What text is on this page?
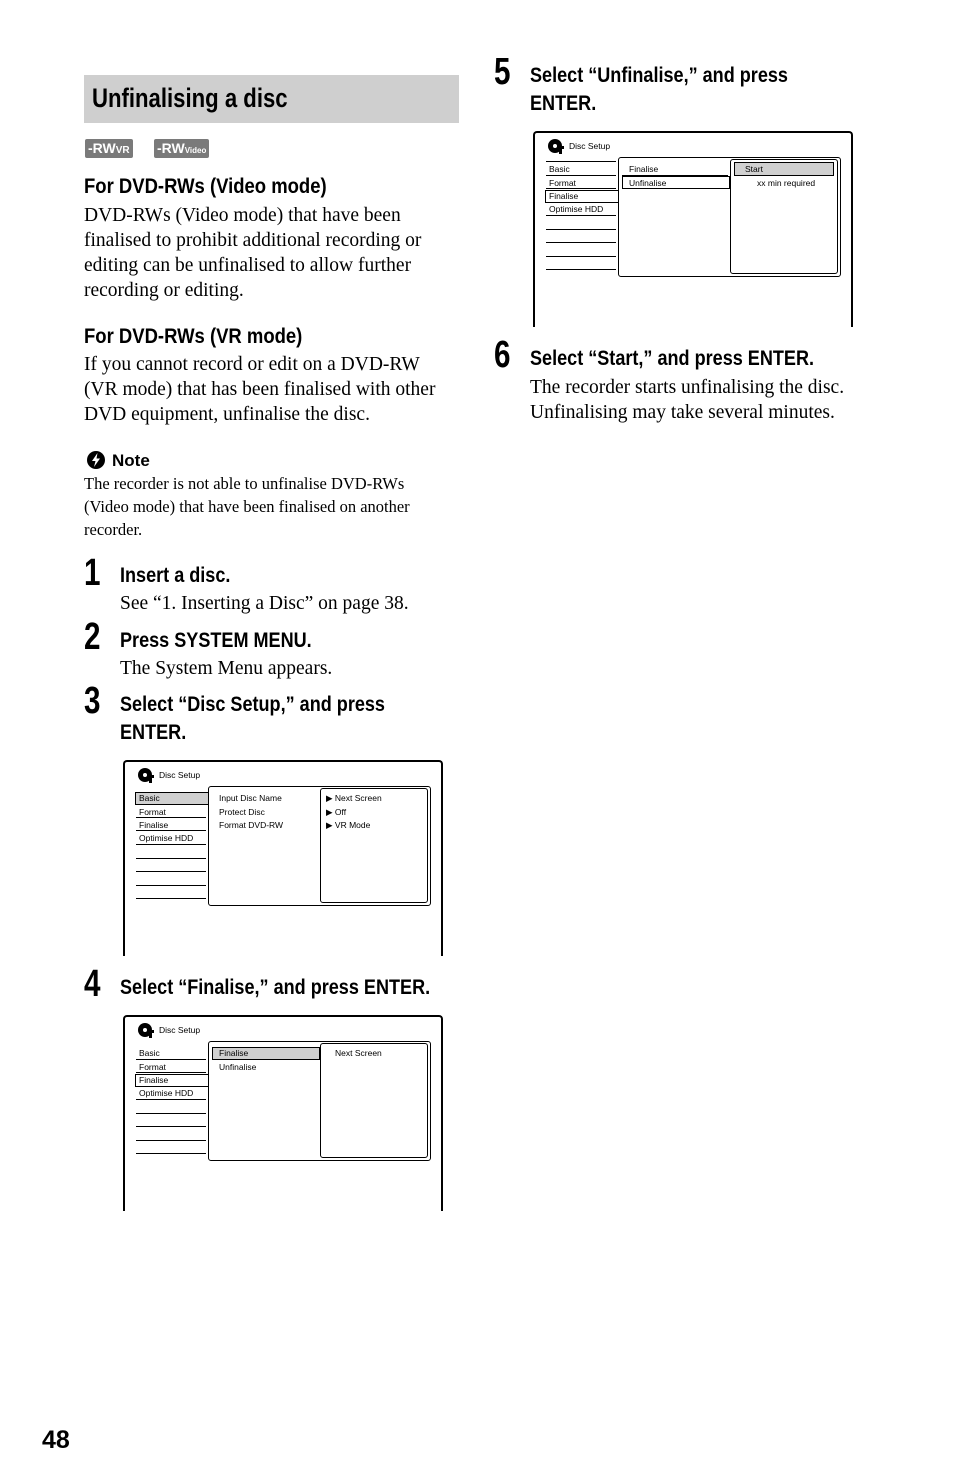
Unfinalising a disc
-RWVR -RWVideo
For DVD-RWs (Video mode)
DVD-RWs (Video mode) that have been
finalised to prohibit additional recording or
editing can be unfinalised to allow further
recording or editing.
For DVD-RWs (VR mode)
If you cannot record or edit on a DVD-RW
(VR mode) that has been finalised with other
DVD equipment, unfinalise the disc.
Note
The recorder is not able to unfinalise DVD-RWs
(Video mode) that have been finalised on another
recorder.
1 Insert a disc.
See “1. Inserting a Disc” on page 38.
2 Press SYSTEM MENU.
The System Menu appears.
3 Select “Disc Setup,” and press
ENTER.
Disc Setup
Basic
Format
Finalise
Optimise HDD
Input Disc Name
Protect Disc
Format DVD-RW
▶ Next Screen
▶ Off
▶ VR Mode
4 Select “Finalise,” and press ENTER.
Disc Setup
Basic
Format
Finalise
Optimise HDD
Finalise
Unfinalise
Next Screen
5 Select “Unfinalise,” and press
ENTER.
Disc Setup
Basic
Format
Finalise
Optimise HDD
Finalise
Unfinalise
Start
xx min required
6 Select “Start,” and press ENTER.
The recorder starts unfinalising the disc.
Unfinalising may take several minutes.
48
